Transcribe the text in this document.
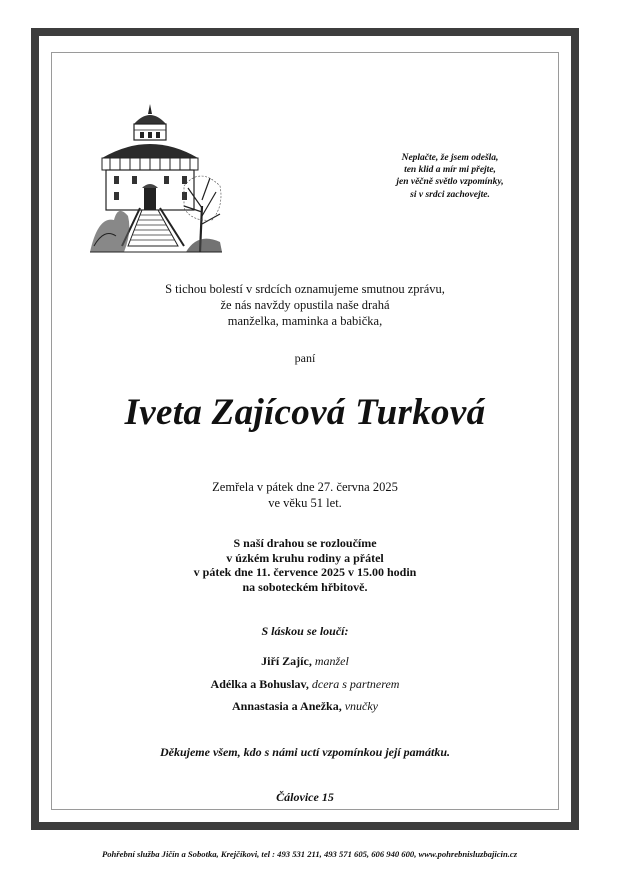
Neplačte, že jsem odešla,
ten klid a mír mi přejte,
jen věčně světlo vzpomínky,
si v srdci zachovejte.
S tichou bolestí v srdcích oznamujeme smutnou zprávu,
že nás navždy opustila naše drahá
manželka, maminka a babička,
paní
Iveta Zajícová Turková
Zemřela v pátek dne 27. června 2025
ve věku 51 let.
S naší drahou se rozloučíme
v úzkém kruhu rodiny a přátel
v pátek dne 11. července 2025 v 15.00 hodin
na soboteckém hřbitově.
S láskou se loučí:
Jiří Zajíc, manžel
Adélka a Bohuslav, dcera s partnerem
Annastasia a Anežka, vnučky
Děkujeme všem, kdo s námi uctí vzpomínkou její památku.
Čálovice 15
Pohřební služba Jičín a Sobotka, Krejčíkovi, tel : 493 531 211, 493 571 605, 606 940 600, www.pohrebnisluzbajicin.cz
